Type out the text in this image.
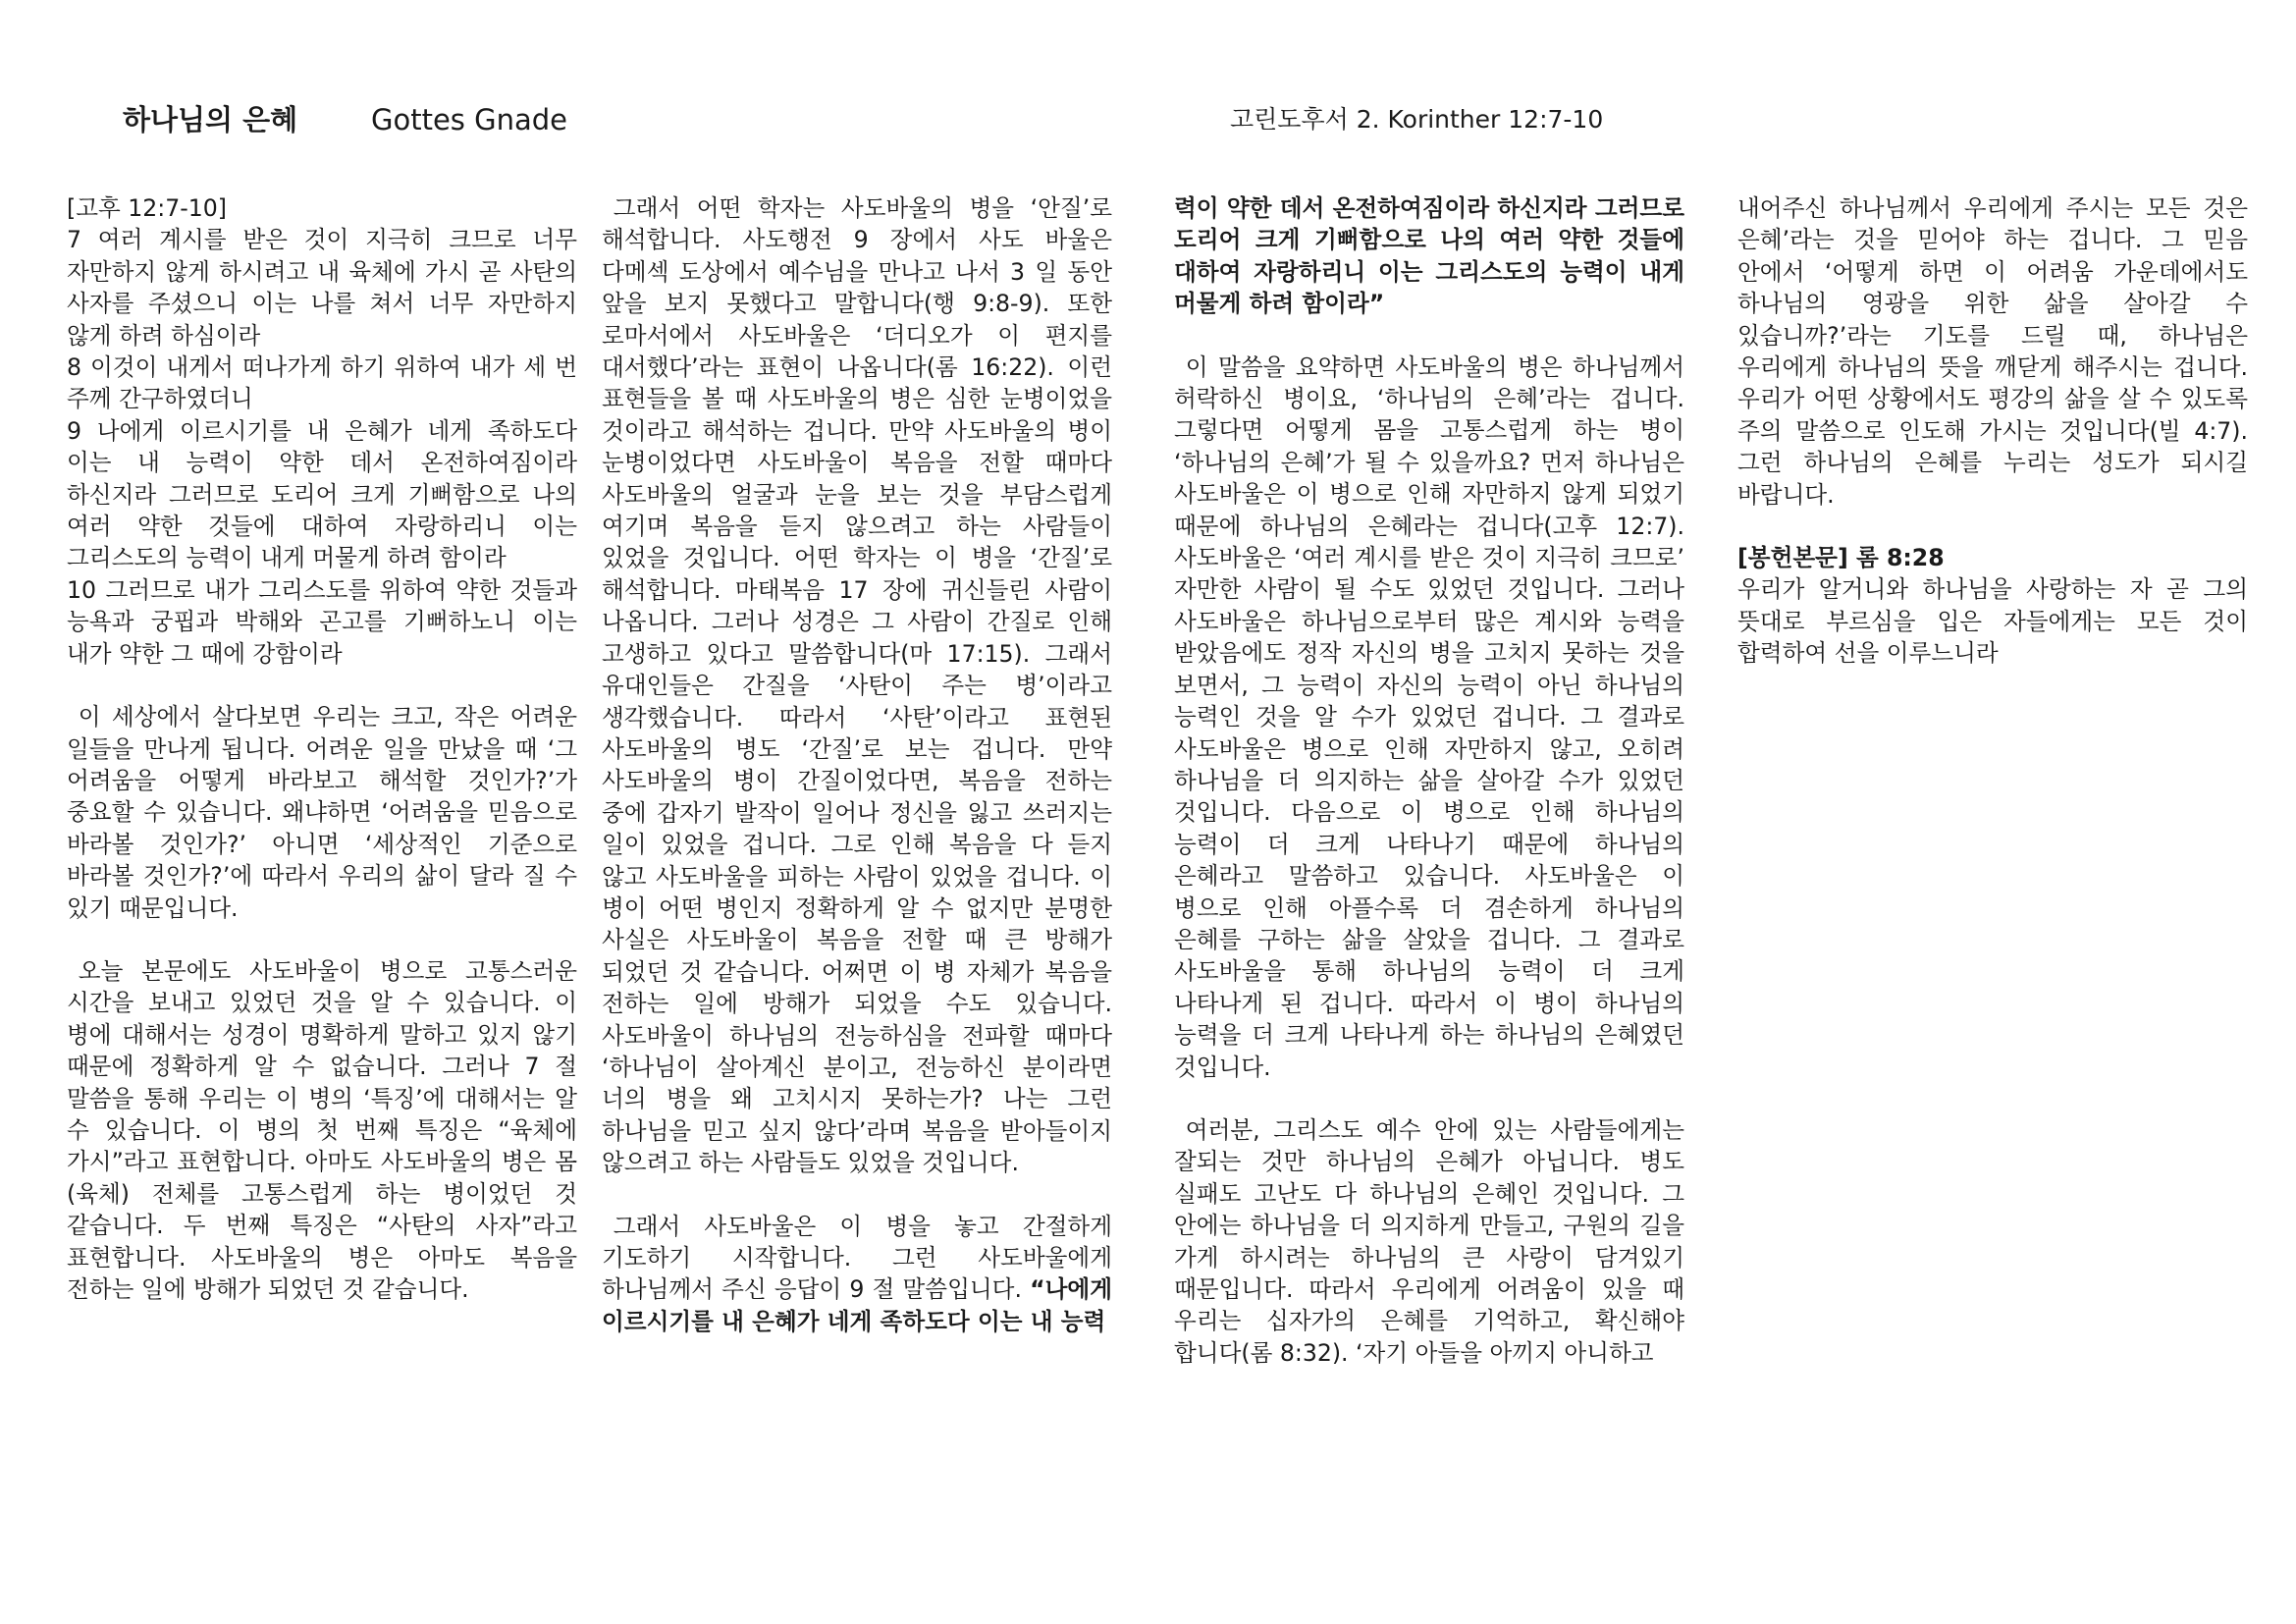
하나님의 은혜	Gottes Gnade	고린도후서 2. Korinther 12:7-10

[고후 12:7-10]

7 여러 계시를 받은 것이 지극히 크므로 너무 자만하지 않게 하시려고 내 육체에 가시 곧 사탄의 사자를 주셨으니 이는 나를 쳐서 너무 자만하지 않게 하려 하심이라

8 이것이 내게서 떠나가게 하기 위하여 내가 세 번 주께 간구하였더니

9 나에게 이르시기를 내 은혜가 네게 족하도다 이는 내 능력이 약한 데서 온전하여짐이라 하신지라 그러므로 도리어 크게 기뻐함으로 나의 여러 약한 것들에 대하여 자랑하리니 이는 그리스도의 능력이 내게 머물게 하려 함이라

10 그러므로 내가 그리스도를 위하여 약한 것들과 능욕과 궁핍과 박해와 곤고를 기뻐하노니 이는 내가 약한 그 때에 강함이라

이 세상에서 살다보면 우리는 크고, 작은 어려운 일들을 만나게 됩니다. 어려운 일을 만났을 때 ‘그 어려움을 어떻게 바라보고 해석할 것인가?’가 중요할 수 있습니다. 왜냐하면 ‘어려움을 믿음으로 바라볼 것인가?’ 아니면 ‘세상적인 기준으로 바라볼 것인가?’에 따라서 우리의 삶이 달라 질 수 있기 때문입니다.

오늘 본문에도 사도바울이 병으로 고통스러운 시간을 보내고 있었던 것을 알 수 있습니다. 이 병에 대해서는 성경이 명확하게 말하고 있지 않기 때문에 정확하게 알 수 없습니다. 그러나 7 절 말씀을 통해 우리는 이 병의 ‘특징’에 대해서는 알 수 있습니다. 이 병의 첫 번째 특징은 “육체에 가시”라고 표현합니다. 아마도 사도바울의 병은 몸(육체) 전체를 고통스럽게 하는 병이었던 것 같습니다. 두 번째 특징은 “사탄의 사자”라고 표현합니다. 사도바울의 병은 아마도 복음을 전하는 일에 방해가 되었던 것 같습니다.

그래서 어떤 학자는 사도바울의 병을 ‘안질’로 해석합니다. 사도행전 9 장에서 사도 바울은 다메섹 도상에서 예수님을 만나고 나서 3 일 동안 앞을 보지 못했다고 말합니다(행 9:8-9). 또한 로마서에서 사도바울은 ‘더디오가 이 편지를 대서했다’라는 표현이 나옵니다(롬 16:22). 이런 표현들을 볼 때 사도바울의 병은 심한 눈병이었을 것이라고 해석하는 겁니다. 만약 사도바울의 병이 눈병이었다면 사도바울이 복음을 전할 때마다 사도바울의 얼굴과 눈을 보는 것을 부담스럽게 여기며 복음을 듣지 않으려고 하는 사람들이 있었을 것입니다. 어떤 학자는 이 병을 ‘간질’로 해석합니다. 마태복음 17 장에 귀신들린 사람이 나옵니다. 그러나 성경은 그 사람이 간질로 인해 고생하고 있다고 말씀합니다(마 17:15). 그래서 유대인들은 간질을 ‘사탄이 주는 병’이라고 생각했습니다. 따라서 ‘사탄’이라고 표현된 사도바울의 병도 ‘간질’로 보는 겁니다. 만약 사도바울의 병이 간질이었다면, 복음을 전하는 중에 갑자기 발작이 일어나 정신을 잃고 쓰러지는 일이 있었을 겁니다. 그로 인해 복음을 다 듣지 않고 사도바울을 피하는 사람이 있었을 겁니다. 이 병이 어떤 병인지 정확하게 알 수 없지만 분명한 사실은 사도바울이 복음을 전할 때 큰 방해가 되었던 것 같습니다. 어쩌면 이 병 자체가 복음을 전하는 일에 방해가 되었을 수도 있습니다. 사도바울이 하나님의 전능하심을 전파할 때마다 ‘하나님이 살아계신 분이고, 전능하신 분이라면 너의 병을 왜 고치시지 못하는가? 나는 그런 하나님을 믿고 싶지 않다’라며 복음을 받아들이지 않으려고 하는 사람들도 있었을 것입니다.

그래서 사도바울은 이 병을 놓고 간절하게 기도하기 시작합니다. 그런 사도바울에게 하나님께서 주신 응답이 9 절 말씀입니다. “나에게 이르시기를 내 은혜가 네게 족하도다 이는 내 능력

력이 약한 데서 온전하여짐이라 하신지라 그러므로 도리어 크게 기뻐함으로 나의 여러 약한 것들에 대하여 자랑하리니 이는 그리스도의 능력이 내게 머물게 하려 함이라”

이 말씀을 요약하면 사도바울의 병은 하나님께서 허락하신 병이요, ‘하나님의 은혜’라는 겁니다. 그렇다면 어떻게 몸을 고통스럽게 하는 병이 ‘하나님의 은혜’가 될 수 있을까요? 먼저 하나님은 사도바울은 이 병으로 인해 자만하지 않게 되었기 때문에 하나님의 은혜라는 겁니다(고후 12:7). 사도바울은 ‘여러 계시를 받은 것이 지극히 크므로’ 자만한 사람이 될 수도 있었던 것입니다. 그러나 사도바울은 하나님으로부터 많은 계시와 능력을 받았음에도 정작 자신의 병을 고치지 못하는 것을 보면서, 그 능력이 자신의 능력이 아닌 하나님의 능력인 것을 알 수가 있었던 겁니다. 그 결과로 사도바울은 병으로 인해 자만하지 않고, 오히려 하나님을 더 의지하는 삶을 살아갈 수가 있었던 것입니다. 다음으로 이 병으로 인해 하나님의 능력이 더 크게 나타나기 때문에 하나님의 은혜라고 말씀하고 있습니다. 사도바울은 이 병으로 인해 아플수록 더 겸손하게 하나님의 은혜를 구하는 삶을 살았을 겁니다. 그 결과로 사도바울을 통해 하나님의 능력이 더 크게 나타나게 된 겁니다. 따라서 이 병이 하나님의 능력을 더 크게 나타나게 하는 하나님의 은혜였던 것입니다.

여러분, 그리스도 예수 안에 있는 사람들에게는 잘되는 것만 하나님의 은혜가 아닙니다. 병도 실패도 고난도 다 하나님의 은혜인 것입니다. 그 안에는 하나님을 더 의지하게 만들고, 구원의 길을 가게 하시려는 하나님의 큰 사랑이 담겨있기 때문입니다. 따라서 우리에게 어려움이 있을 때 우리는 십자가의 은혜를 기억하고, 확신해야 합니다(롬 8:32). ‘자기 아들을 아끼지 아니하고

내어주신 하나님께서 우리에게 주시는 모든 것은 은혜’라는 것을 믿어야 하는 겁니다. 그 믿음 안에서 ‘어떻게 하면 이 어려움 가운데에서도 하나님의 영광을 위한 삶을 살아갈 수 있습니까?’라는 기도를 드릴 때, 하나님은 우리에게 하나님의 뜻을 깨닫게 해주시는 겁니다. 우리가 어떤 상황에서도 평강의 삶을 살 수 있도록 주의 말씀으로 인도해 가시는 것입니다(빌 4:7). 그런 하나님의 은혜를 누리는 성도가 되시길 바랍니다.

[봉헌본문] 롬 8:28

우리가 알거니와 하나님을 사랑하는 자 곧 그의 뜻대로 부르심을 입은 자들에게는 모든 것이 합력하여 선을 이루느니라
